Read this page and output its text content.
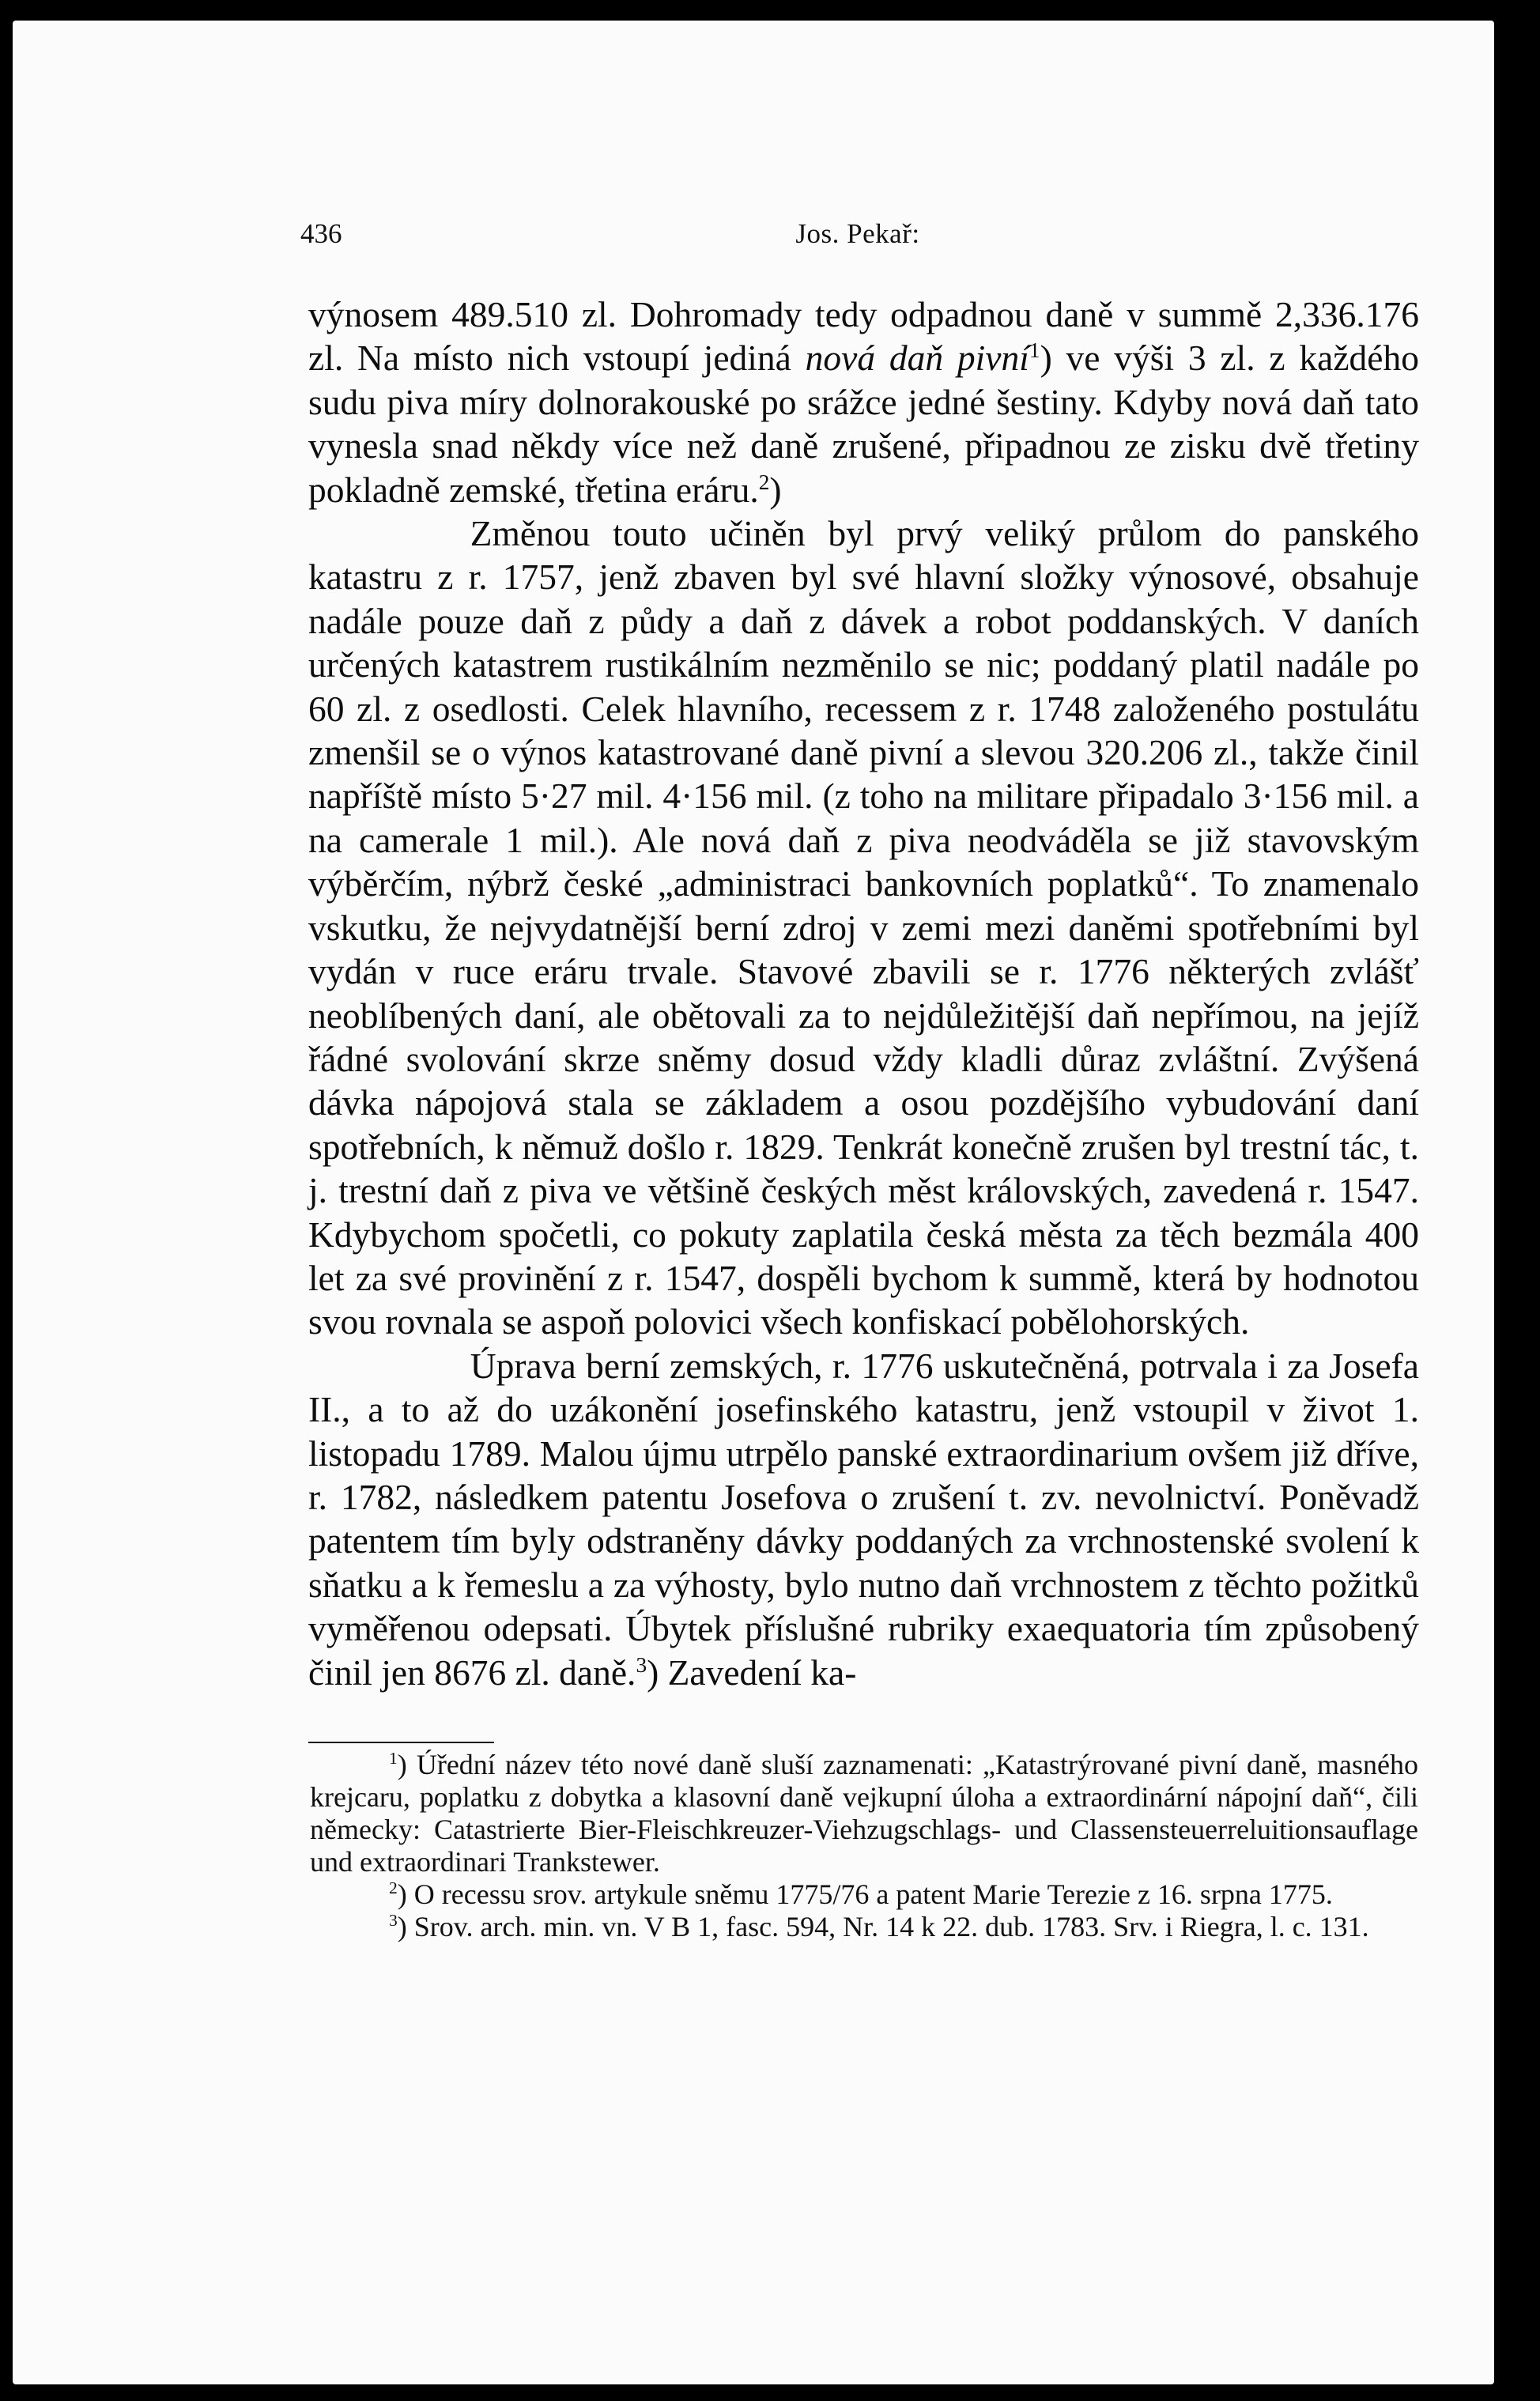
436	Jos. Pekař:

výnosem 489.510 zl. Dohromady tedy odpadnou daně v summě 2,336.176 zl. Na místo nich vstoupí jediná nová daň pivní$^1$) ve výši 3 zl. z každého sudu piva míry dolnorakouské po srážce jedné šestiny. Kdyby nová daň tato vynesla snad někdy více než daně zrušené, připadnou ze zisku dvě třetiny pokladně zemské, třetina eráru.$^2$)

Změnou touto učiněn byl prvý veliký průlom do panského katastru z r. 1757, jenž zbaven byl své hlavní složky výnosové, obsahuje nadále pouze daň z půdy a daň z dávek a robot poddanských. V daních určených katastrem rustikálním nezměnilo se nic; poddaný platil nadále po 60 zl. z osedlosti. Celek hlavního, recessem z r. 1748 založeného postulátu zmenšil se o výnos katastrované daně pivní a slevou 320.206 zl., takže činil napříště místo 5·27 mil. 4·156 mil. (z toho na militare připadalo 3·156 mil. a na camerale 1 mil.). Ale nová daň z piva neodváděla se již stavovským výběrčím, nýbrž české „administraci bankovních poplatků“. To znamenalo vskutku, že nejvydatnější berní zdroj v zemi mezi daněmi spotřebními byl vydán v ruce eráru trvale. Stavové zbavili se r. 1776 některých zvlášť neoblíbených daní, ale obětovali za to nejdůležitější daň nepřímou, na jejíž řádné svolování skrze sněmy dosud vždy kladli důraz zvláštní. Zvýšená dávka nápojová stala se základem a osou pozdějšího vybudování daní spotřebních, k němuž došlo r. 1829. Tenkrát konečně zrušen byl trestní tác, t. j. trestní daň z piva ve většině českých měst královských, zavedená r. 1547. Kdybychom spočetli, co pokuty zaplatila česká města za těch bezmála 400 let za své provinění z r. 1547, dospěli bychom k summě, která by hodnotou svou rovnala se aspoň polovici všech konfiskací pobělohorských.

Úprava berní zemských, r. 1776 uskutečněná, potrvala i za Josefa II., a to až do uzákonění josefinského katastru, jenž vstoupil v život 1. listopadu 1789. Malou újmu utrpělo panské extraordinarium ovšem již dříve, r. 1782, následkem patentu Josefova o zrušení t. zv. nevolnictví. Poněvadž patentem tím byly odstraněny dávky poddaných za vrchnostenské svolení k sňatku a k řemeslu a za výhosty, bylo nutno daň vrchnostem z těchto požitků vyměřenou odepsati. Úbytek příslušné rubriky exaequatoria tím způsobený činil jen 8676 zl. daně.$^3$) Zavedení ka-

$^1$) Úřední název této nové daně sluší zaznamenati: „Katastrýrované pivní daně, masného krejcaru, poplatku z dobytka a klasovní daně vejkupní úloha a extraordinární nápojní daň“, čili německy: Catastrierte Bier-Fleischkreuzer-Viehzugschlags- und Classensteuerreluitionsauflage und extraordinari Trankstewer.

$^2$) O recessu srov. artykule sněmu 1775/76 a patent Marie Terezie z 16. srpna 1775.

$^3$) Srov. arch. min. vn. V B 1, fasc. 594, Nr. 14 k 22. dub. 1783. Srv. i Riegra, l. c. 131.
